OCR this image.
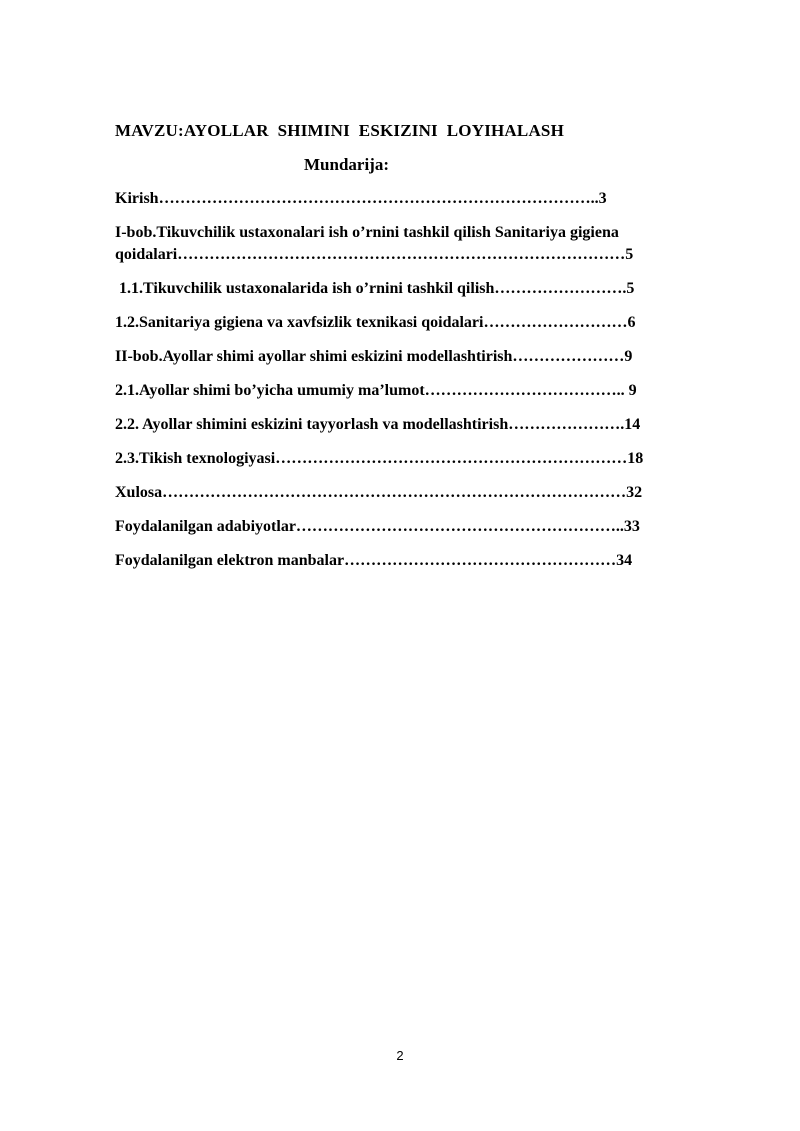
MAVZU:AYOLLAR  SHIMINI  ESKIZINI  LOYIHALASH
Mundarija:
Kirish………………………………………………………………………..3
I-bob.Tikuvchilik ustaxonalari ish o’rnini tashkil qilish Sanitariya gigiena
qoidalari…………………………………………………………………………5
1.1.Tikuvchilik ustaxonalarida ish o’rnini tashkil qilish…………………….5
1.2.Sanitariya gigiena va xavfsizlik texnikasi qoidalari………………………6
II-bob.Ayollar shimi ayollar shimi eskizini modellashtirish…………………9
2.1.Ayollar shimi bo’yicha umumiy ma’lumot……………………………….. 9
2.2. Ayollar shimini eskizini tayyorlash va modellashtirish………………….14
2.3.Tikish texnologiyasi…………………………………………………………18
Xulosa……………………………………………………………………………32
Foydalanilgan adabiyotlar……………………………………………………..33
Foydalanilgan elektron manbalar……………………………………………34
2
